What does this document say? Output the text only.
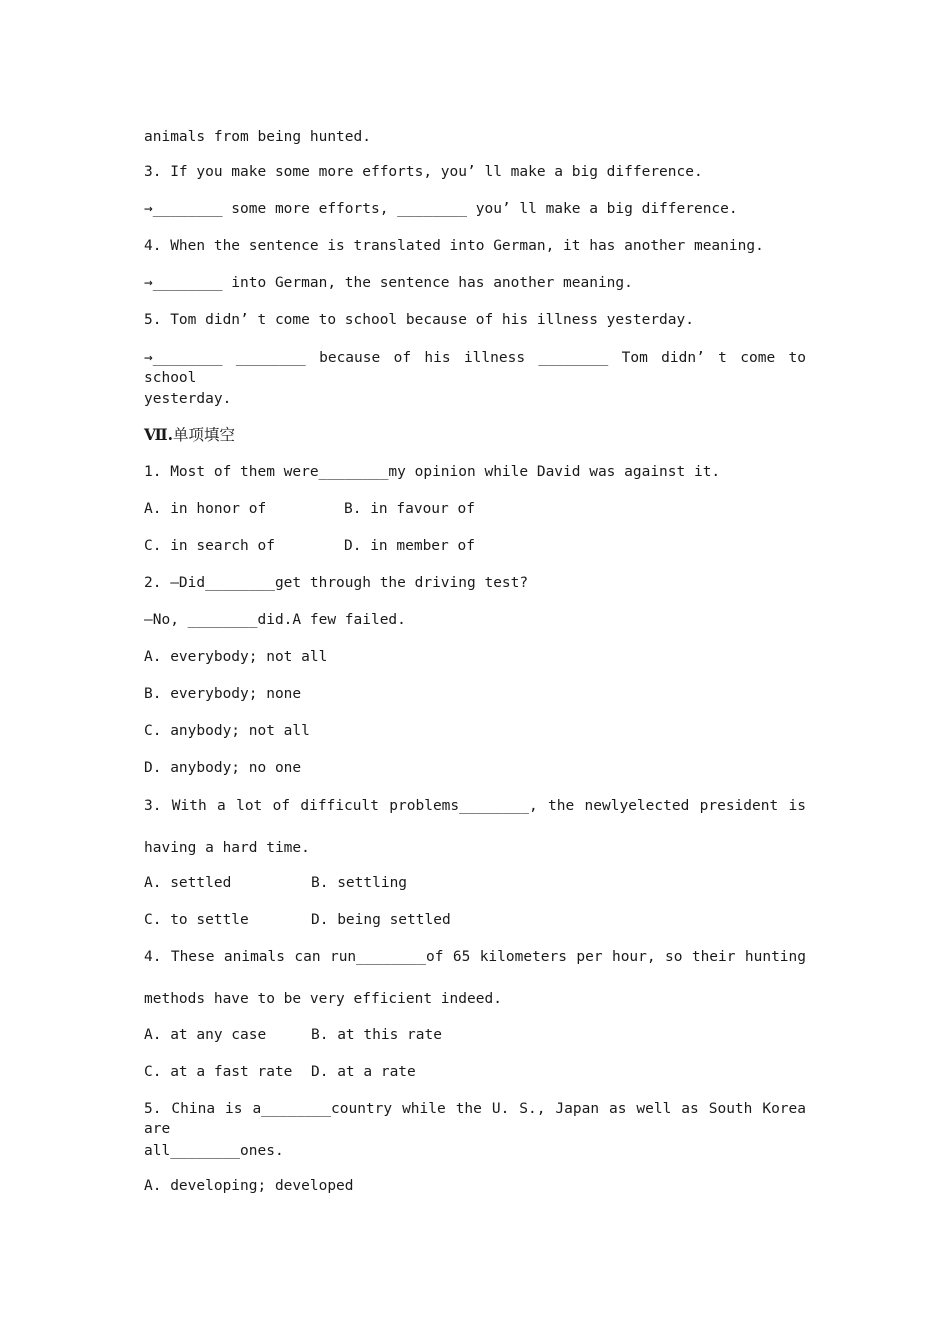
animals from being hunted.
3. If you make some more efforts, you’ ll make a big difference.
→________ some more efforts, ________ you’ ll make a big difference.
4. When the sentence is translated into German, it has another meaning.
→________ into German, the sentence has another meaning.
5. Tom didn’ t come to school because of his illness yesterday.
→________ ________ because of his illness ________ Tom didn’ t come to school
yesterday.
Ⅶ.单项填空
1. Most of them were________my opinion while David was against it.
A. in honor of	B. in favour of
C. in search of	D. in member of
2. —Did________get through the driving test?
—No, ________did.A few failed.
A. everybody; not all
B. everybody; none
C. anybody; not all
D. anybody; no one
3. With a lot of difficult problems________, the newlyelected president is
having a hard time.
A. settled	B. settling
C. to settle	D. being settled
4. These animals can run________of 65 kilometers per hour, so their hunting
methods have to be very efficient indeed.
A. at any case	B. at this rate
C. at a fast rate D. at a rate
5. China is a________country while the U. S., Japan as well as South Korea are
all________ones.
A. developing; developed
